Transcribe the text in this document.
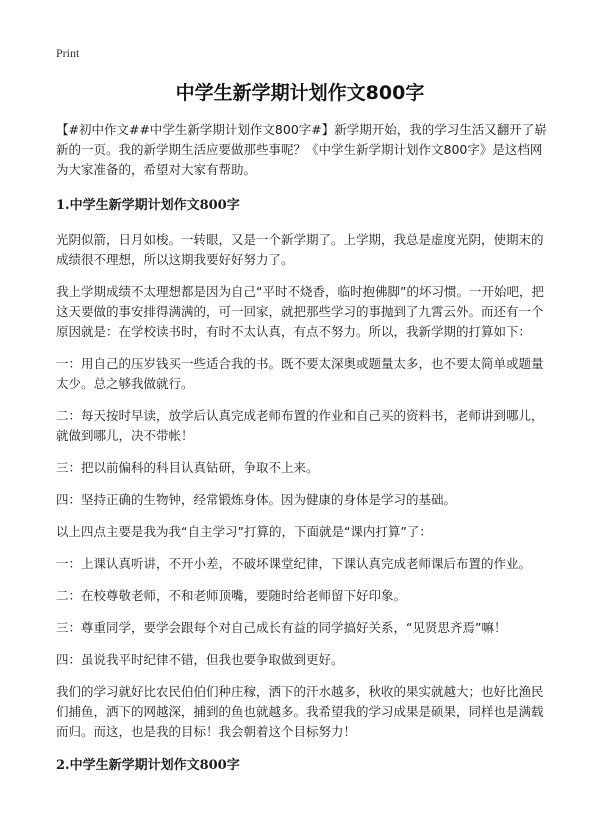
Print
中学生新学期计划作文800字

【#初中作文##中学生新学期计划作文800字#】新学期开始，我的学习生活又翻开了崭新的一页。我的新学期生活应要做那些事呢？《中学生新学期计划作文800字》是这档网为大家准备的，希望对大家有帮助。

1.中学生新学期计划作文800字

光阴似箭，日月如梭。一转眼，又是一个新学期了。上学期，我总是虚度光阴，使期末的成绩很不理想，所以这期我要好好努力了。

我上学期成绩不太理想都是因为自己“平时不烧香，临时抱佛脚”的坏习惯。一开始吧，把这天要做的事安排得满满的，可一回家，就把那些学习的事抛到了九霄云外。而还有一个原因就是：在学校读书时，有时不太认真，有点不努力。所以，我新学期的打算如下：

一：用自己的压岁钱买一些适合我的书。既不要太深奥或题量太多，也不要太简单或题量太少。总之够我做就行。

二：每天按时早读，放学后认真完成老师布置的作业和自己买的资料书，老师讲到哪儿，就做到哪儿，决不带帐！

三：把以前偏科的科目认真钻研，争取不上来。

四：坚持正确的生物钟，经常锻炼身体。因为健康的身体是学习的基础。

以上四点主要是我为我“自主学习”打算的，下面就是“课内打算”了：

一：上课认真听讲，不开小差，不破坏课堂纪律，下课认真完成老师课后布置的作业。

二：在校尊敬老师，不和老师顶嘴，要随时给老师留下好印象。

三：尊重同学，要学会跟每个对自己成长有益的同学搞好关系，“见贤思齐焉”嘛！

四：虽说我平时纪律不错，但我也要争取做到更好。

我们的学习就好比农民伯伯们种庄稼，洒下的汗水越多，秋收的果实就越大；也好比渔民们捕鱼，洒下的网越深，捕到的鱼也就越多。我希望我的学习成果是硕果，同样也是满载而归。而这，也是我的目标！我会朝着这个目标努力！

2.中学生新学期计划作文800字
